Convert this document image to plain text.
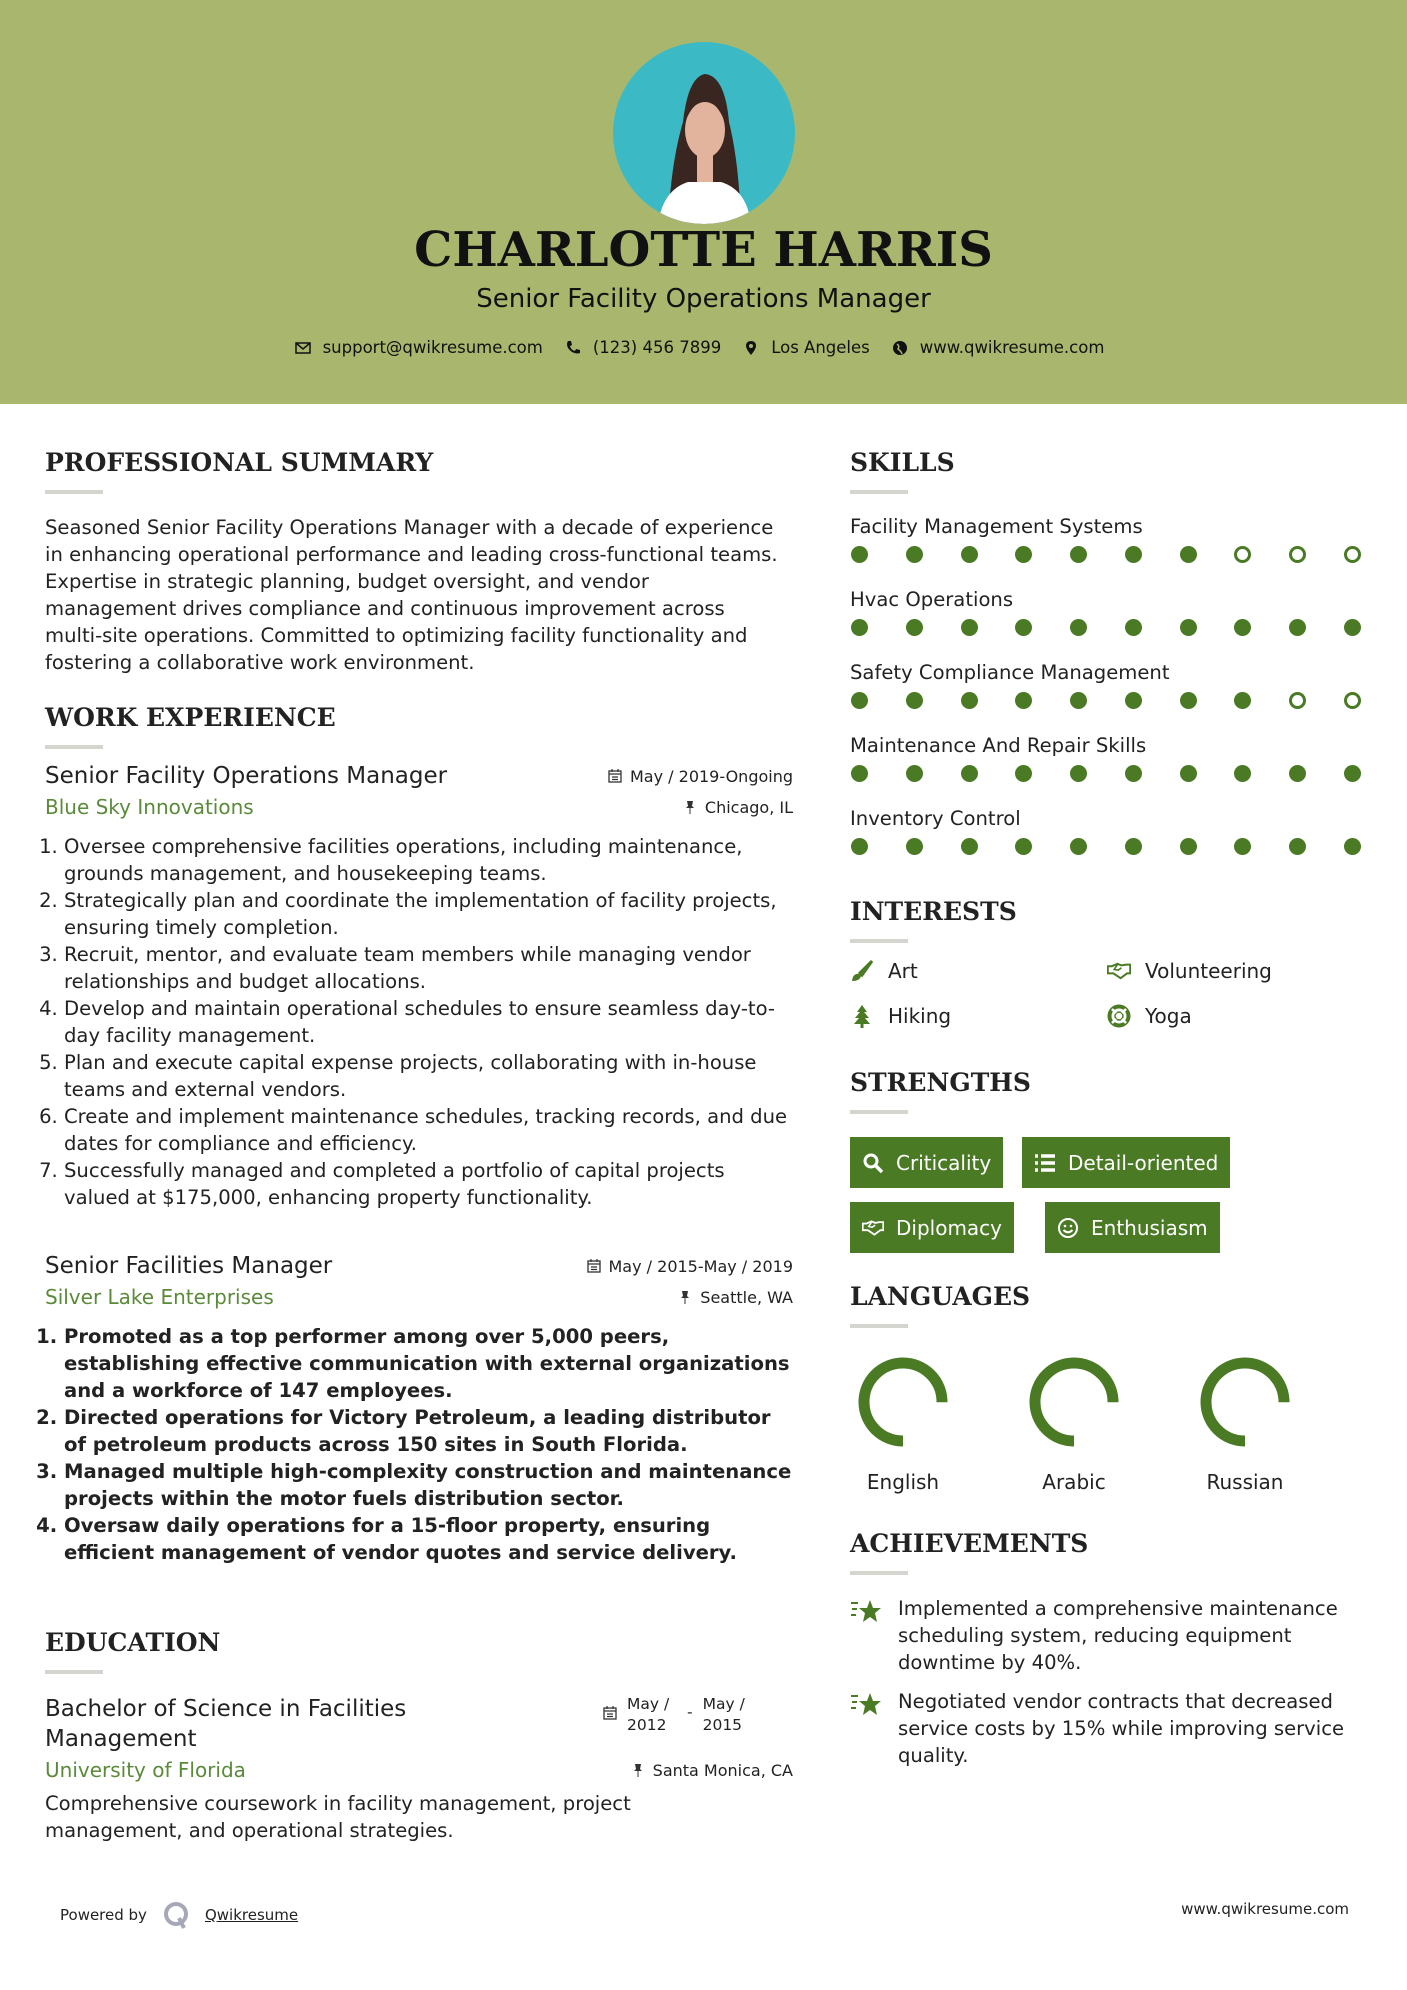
CHARLOTTE HARRIS
Senior Facility Operations Manager
support@qwikresume.com	(123) 456 7899	Los Angeles	www.qwikresume.com
PROFESSIONAL SUMMARY

Seasoned Senior Facility Operations Manager with a decade of experience in enhancing operational performance and leading cross-functional teams. Expertise in strategic planning, budget oversight, and vendor management drives compliance and continuous improvement across multi-site operations. Committed to optimizing facility functionality and fostering a collaborative work environment.

WORK EXPERIENCE
Senior Facility Operations Manager	May / 2019-Ongoing
Blue Sky Innovations	Chicago, IL
1. Oversee comprehensive facilities operations, including maintenance, grounds management, and housekeeping teams.
2. Strategically plan and coordinate the implementation of facility projects, ensuring timely completion.
3. Recruit, mentor, and evaluate team members while managing vendor relationships and budget allocations.
4. Develop and maintain operational schedules to ensure seamless day-to-day facility management.
5. Plan and execute capital expense projects, collaborating with in-house teams and external vendors.
6. Create and implement maintenance schedules, tracking records, and due dates for compliance and efficiency.
7. Successfully managed and completed a portfolio of capital projects valued at $175,000, enhancing property functionality.
Senior Facilities Manager	May / 2015-May / 2019
Silver Lake Enterprises	Seattle, WA
1. Promoted as a top performer among over 5,000 peers, establishing effective communication with external organizations and a workforce of 147 employees.
2. Directed operations for Victory Petroleum, a leading distributor of petroleum products across 150 sites in South Florida.
3. Managed multiple high-complexity construction and maintenance projects within the motor fuels distribution sector.
4. Oversaw daily operations for a 15-floor property, ensuring efficient management of vendor quotes and service delivery.
EDUCATION
Bachelor of Science in Facilities Management
May / 2012
- May / 2015
University of Florida	Santa Monica, CA

Comprehensive coursework in facility management, project management, and operational strategies.

SKILLS
Facility Management Systems
Hvac Operations
Safety Compliance Management
Maintenance And Repair Skills
Inventory Control
INTERESTS
Art	Volunteering
Hiking	Yoga
STRENGTHS
Criticality	Detail-oriented
Diplomacy	Enthusiasm
LANGUAGES
English	Arabic	Russian
ACHIEVEMENTS
Implemented a comprehensive maintenance scheduling system, reducing equipment downtime by 40%.
Negotiated vendor contracts that decreased service costs by 15% while improving service quality.
Powered by	Qwikresume	www.qwikresume.com
